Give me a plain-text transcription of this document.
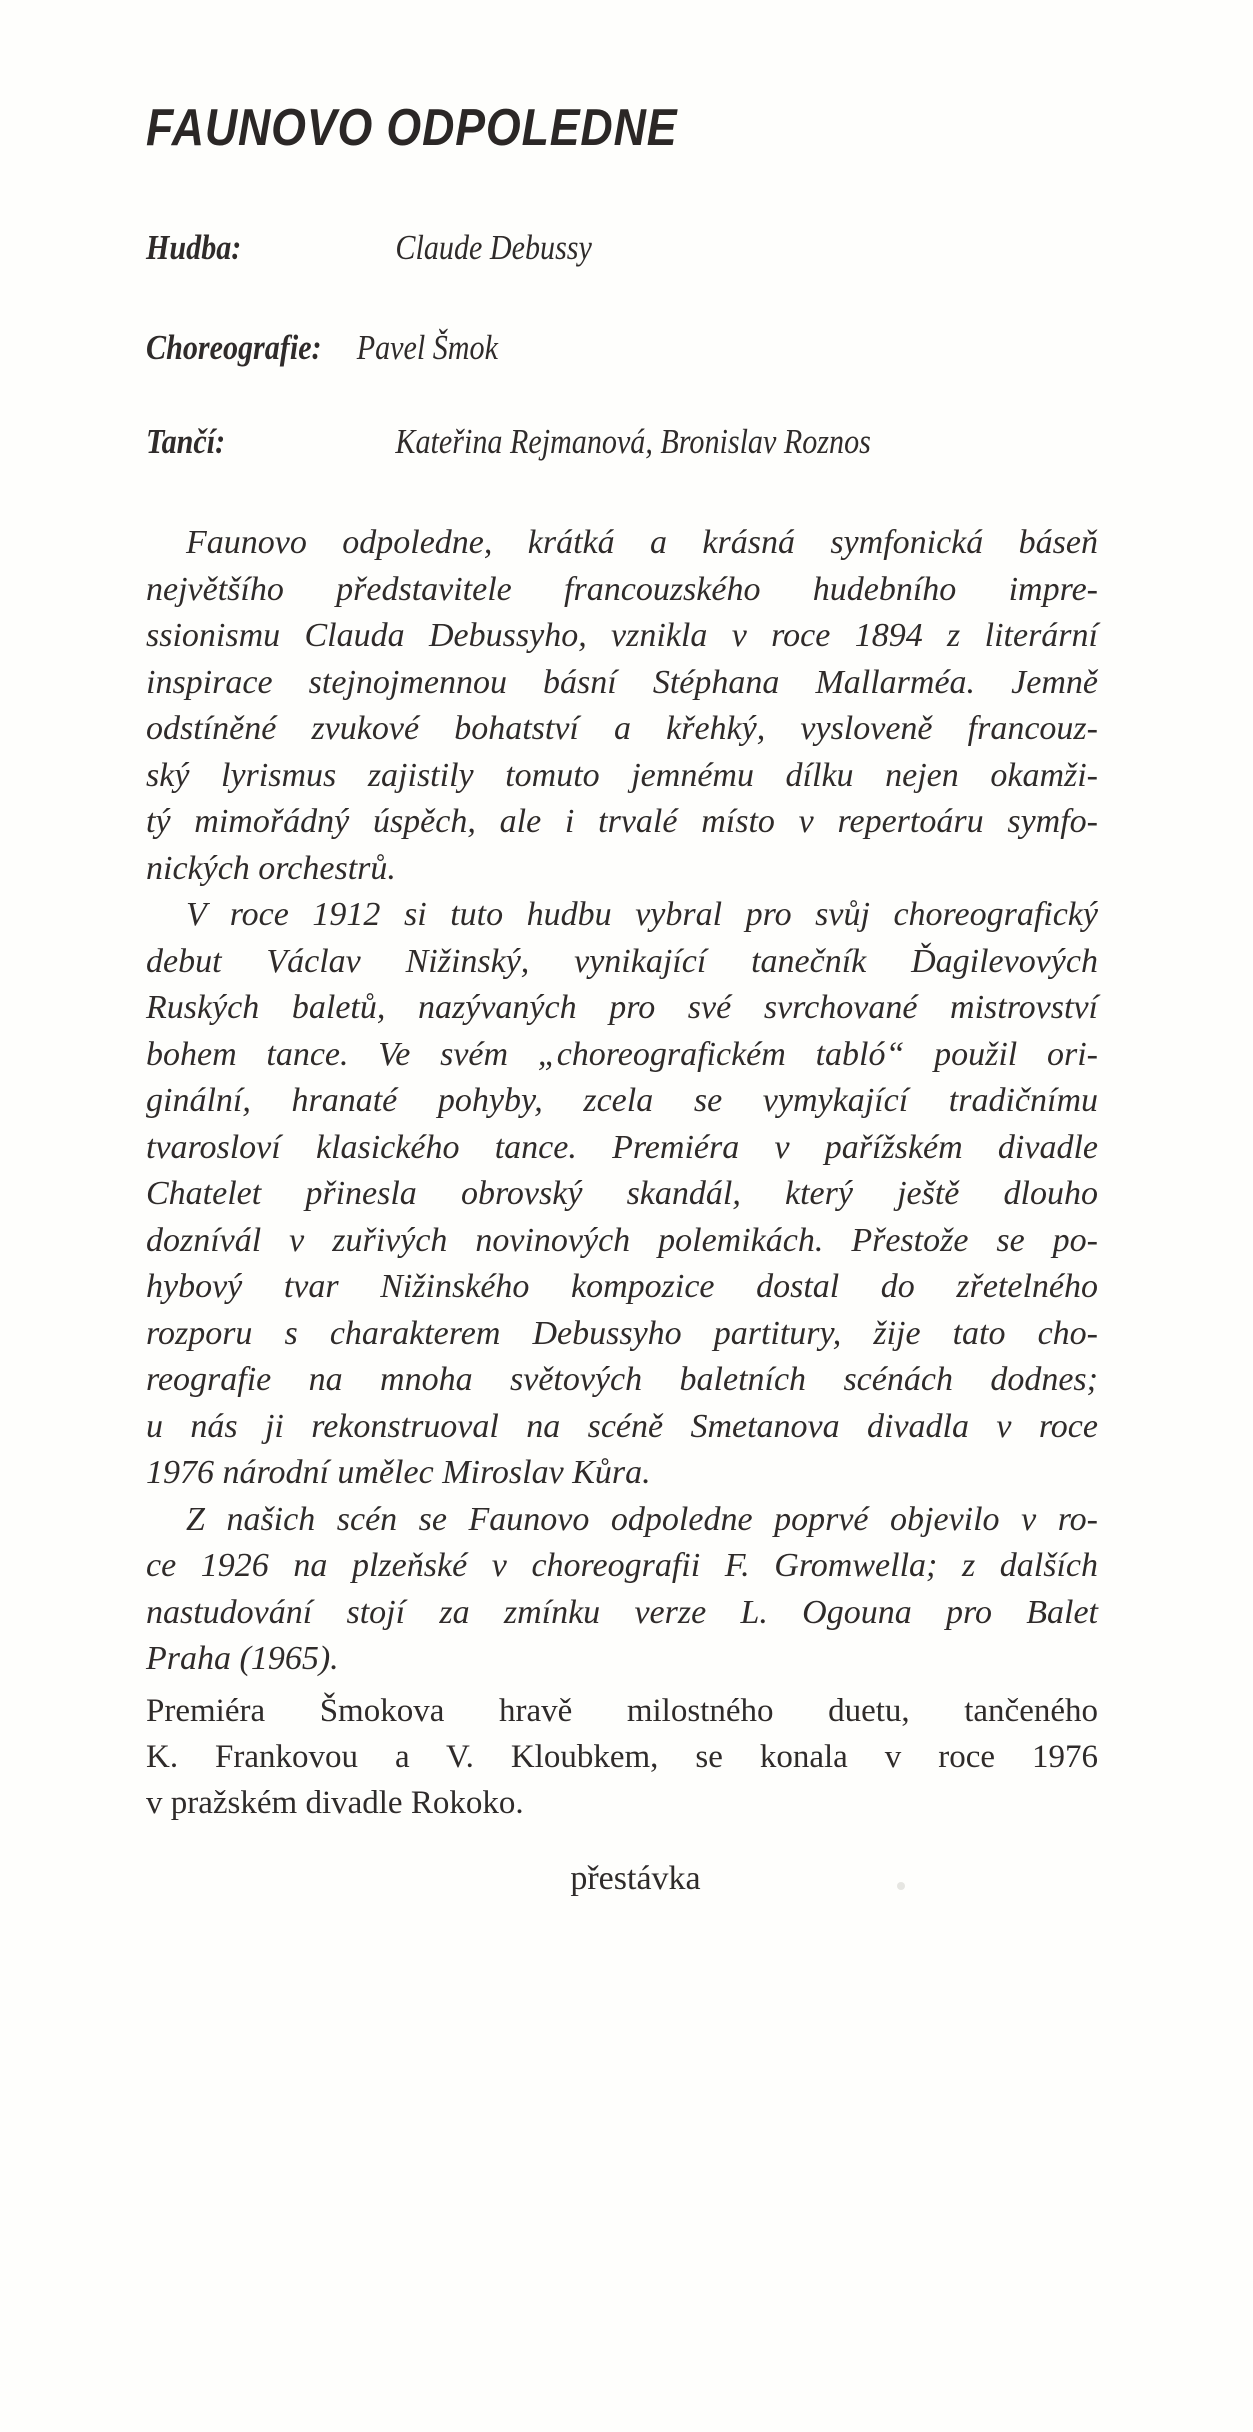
FAUNOVO ODPOLEDNE
Hudba:	Claude Debussy
Choreografie: Pavel Šmok
Tančí:	Kateřina Rejmanová, Bronislav Roznos
Faunovo odpoledne, krátká a krásná symfonická báseň
největšího představitele francouzského hudebního impre-
ssionismu Clauda Debussyho, vznikla v roce 1894 z literární
inspirace stejnojmennou básní Stéphana Mallarméa. Jemně
odstíněné zvukové bohatství a křehký, vysloveně francouz-
ský lyrismus zajistily tomuto jemnému dílku nejen okamži-
tý mimořádný úspěch, ale i trvalé místo v repertoáru symfo-
nických orchestrů.
V roce 1912 si tuto hudbu vybral pro svůj choreografický
debut Václav Nižinský, vynikající tanečník Ďagilevových
Ruských baletů, nazývaných pro své svrchované mistrovství
bohem tance. Ve svém „choreografickém tabló“ použil ori-
ginální, hranaté pohyby, zcela se vymykající tradičnímu
tvarosloví klasického tance. Premiéra v pařížském divadle
Chatelet přinesla obrovský skandál, který ještě dlouho
doznívál v zuřivých novinových polemikách. Přestože se po-
hybový tvar Nižinského kompozice dostal do zřetelného
rozporu s charakterem Debussyho partitury, žije tato cho-
reografie na mnoha světových baletních scénách dodnes;
u nás ji rekonstruoval na scéně Smetanova divadla v roce
1976 národní umělec Miroslav Kůra.
Z našich scén se Faunovo odpoledne poprvé objevilo v ro-
ce 1926 na plzeňské v choreografii F. Gromwella; z dalších
nastudování stojí za zmínku verze L. Ogouna pro Balet
Praha (1965).
Premiéra Šmokova hravě milostného duetu, tančeného
K. Frankovou a V. Kloubkem, se konala v roce 1976
v pražském divadle Rokoko.
přestávka
